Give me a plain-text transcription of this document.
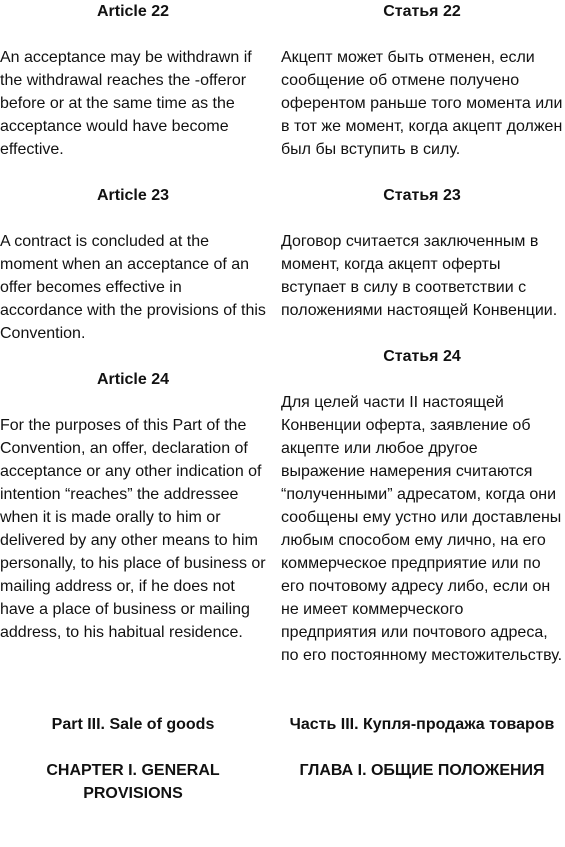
Article 22

An acceptance may be withdrawn if the withdrawal reaches the -offeror before or at the same time as the acceptance would have become effective.

Article 23

A contract is concluded at the moment when an acceptance of an offer becomes effective in accordance with the provisions of this Convention.

Article 24

For the purposes of this Part of the Convention, an offer, declaration of acceptance or any other indication of intention “reaches” the addressee when it is made orally to him or delivered by any other means to him personally, to his place of business or mailing address or, if he does not have a place of business or mailing address, to his habitual residence.

Part III. Sale of goods

CHAPTER I. GENERAL PROVISIONS

Статья 22

Акцепт может быть отменен, если сообщение об отмене получено оферентом раньше того момента или в тот же момент, когда акцепт должен был бы вступить в силу.

Статья 23

Договор считается заключенным в момент, когда акцепт оферты вступает в силу в соответствии с положениями настоящей Конвенции.

Статья 24

Для целей части II настоящей Конвенции оферта, заявление об акцепте или любое другое выражение намерения считаются “полученными” адресатом, когда они сообщены ему устно или доставлены любым способом ему лично, на его коммерческое предприятие или по его почтовому адресу либо, если он не имеет коммерческого предприятия или почтового адреса, по его постоянному местожительству.

Часть III. Купля-продажа товаров

ГЛАВА I. ОБЩИЕ ПОЛОЖЕНИЯ
